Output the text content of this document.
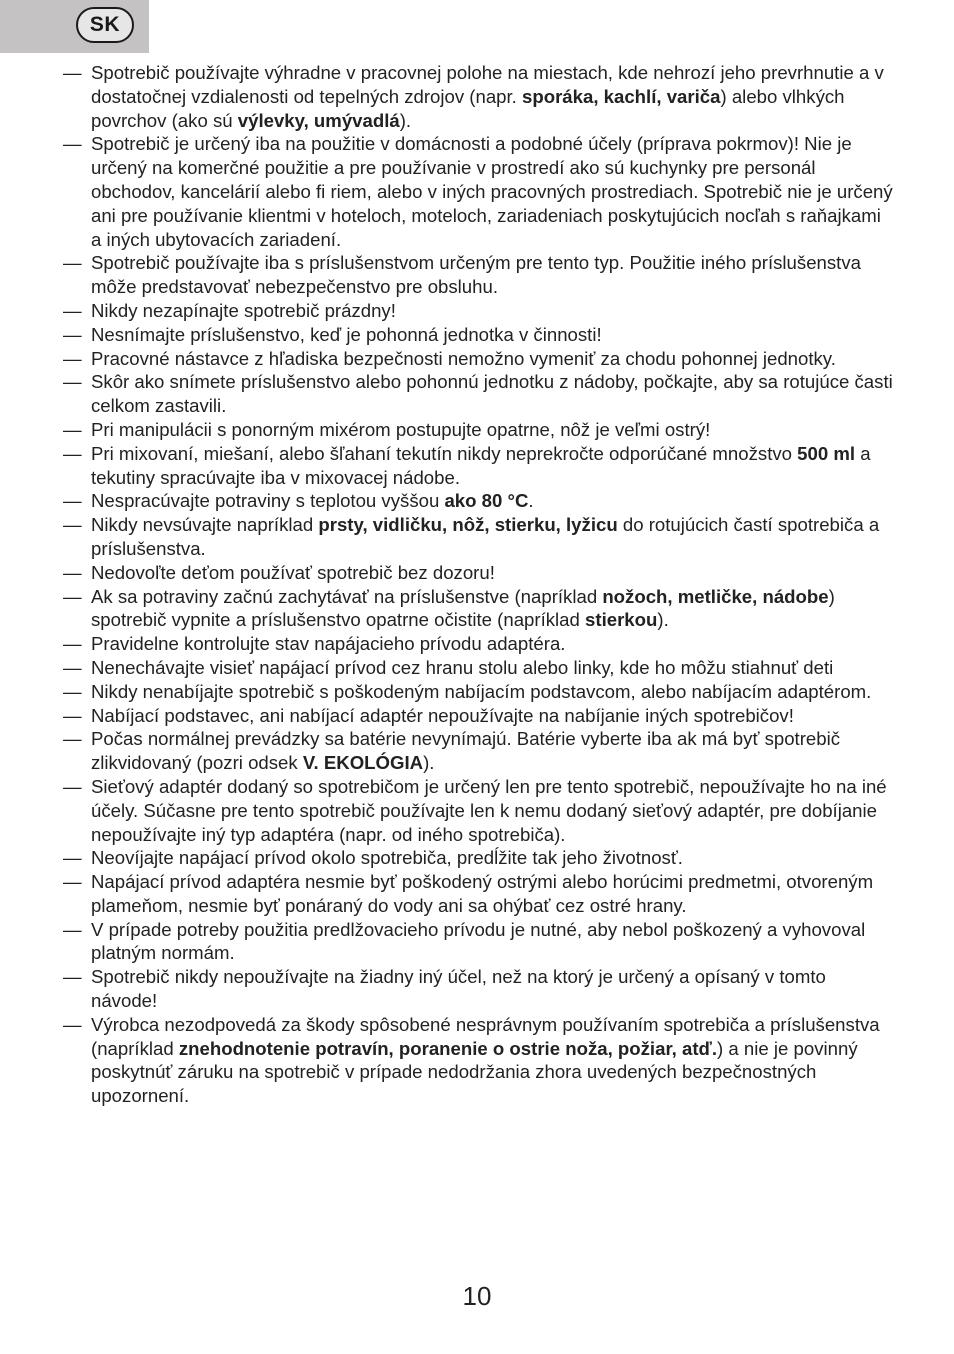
SK
— Spotrebič používajte výhradne v pracovnej polohe na miestach, kde nehrozí jeho prevrhnutie a v dostatočnej vzdialenosti od tepelných zdrojov (napr. sporáka, kachlí, variča) alebo vlhkých povrchov (ako sú výlevky, umývadlá).
— Spotrebič je určený iba na použitie v domácnosti a podobné účely (príprava pokrmov)! Nie je určený na komerčné použitie a pre používanie v prostredí ako sú kuchynky pre personál obchodov, kancelárií alebo fi riem, alebo v iných pracovných prostrediach. Spotrebič nie je určený ani pre používanie klientmi v hoteloch, moteloch, zariadeniach poskytujúcich nocľah s raňajkami a iných ubytovacích zariadení.
— Spotrebič používajte iba s príslušenstvom určeným pre tento typ. Použitie iného príslušenstva môže predstavovať nebezpečenstvo pre obsluhu.
— Nikdy nezapínajte spotrebič prázdny!
— Nesnímajte príslušenstvo, keď je pohonná jednotka v činnosti!
— Pracovné nástavce z hľadiska bezpečnosti nemožno vymeniť za chodu pohonnej jednotky.
— Skôr ako snímete príslušenstvo alebo pohonnú jednotku z nádoby, počkajte, aby sa rotujúce časti celkom zastavili.
— Pri manipulácii s ponorným mixérom postupujte opatrne, nôž je veľmi ostrý!
— Pri mixovaní, miešaní, alebo šľahaní tekutín nikdy neprekročte odporúčané množstvo 500 ml a tekutiny spracúvajte iba v mixovacej nádobe.
— Nespracúvajte potraviny s teplotou vyššou ako 80 °C.
— Nikdy nevsúvajte napríklad prsty, vidličku, nôž, stierku, lyžicu do rotujúcich častí spotrebiča a príslušenstva.
— Nedovoľte deťom používať spotrebič bez dozoru!
— Ak sa potraviny začnú zachytávať na príslušenstve (napríklad nožoch, metličke, nádobe) spotrebič vypnite a príslušenstvo opatrne očistite (napríklad stierkou).
— Pravidelne kontrolujte stav napájacieho prívodu adaptéra.
— Nenechávajte visieť napájací prívod cez hranu stolu alebo linky, kde ho môžu stiahnuť deti
— Nikdy nenabíjajte spotrebič s poškodeným nabíjacím podstavcom, alebo nabíjacím adaptérom.
— Nabíjací podstavec, ani nabíjací adaptér nepoužívajte na nabíjanie iných spotrebičov!
— Počas normálnej prevádzky sa batérie nevynímajú. Batérie vyberte iba ak má byť spotrebič zlikvidovaný (pozri odsek V. EKOLÓGIA).
— Sieťový adaptér dodaný so spotrebičom je určený len pre tento spotrebič, nepoužívajte ho na iné účely. Súčasne pre tento spotrebič používajte len k nemu dodaný sieťový adaptér, pre dobíjanie nepoužívajte iný typ adaptéra (napr. od iného spotrebiča).
— Neovíjajte napájací prívod okolo spotrebiča, predĺžite tak jeho životnosť.
— Napájací prívod adaptéra nesmie byť poškodený ostrými alebo horúcimi predmetmi, otvoreným plameňom, nesmie byť ponáraný do vody ani sa ohýbať cez ostré hrany.
— V prípade potreby použitia predlžovacieho prívodu je nutné, aby nebol poškozený a vyhovoval platným normám.
— Spotrebič nikdy nepoužívajte na žiadny iný účel, než na ktorý je určený a opísaný v tomto návode!
— Výrobca nezodpovedá za škody spôsobené nesprávnym používaním spotrebiča a príslušenstva (napríklad znehodnotenie potravín, poranenie o ostrie noža, požiar, atď.) a nie je povinný poskytnúť záruku na spotrebič v prípade nedodržania zhora uvedených bezpečnostných upozornení.
10
